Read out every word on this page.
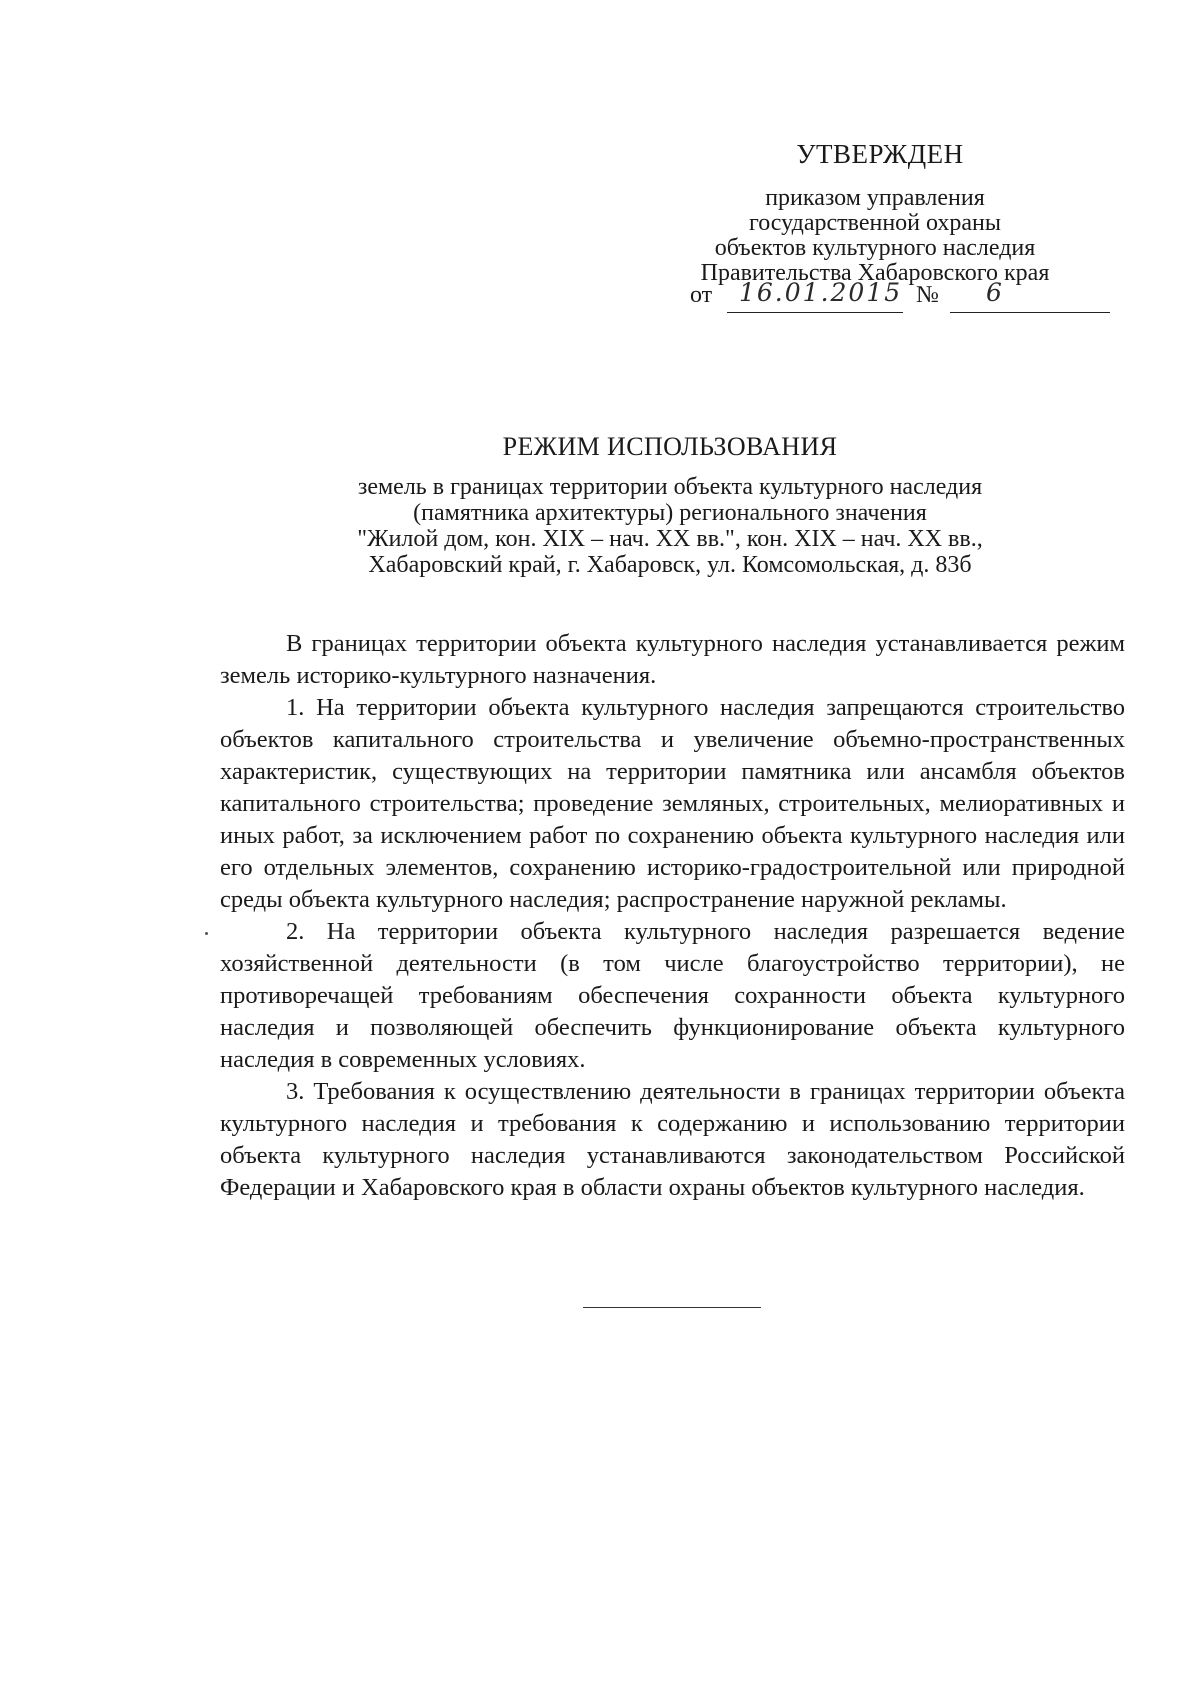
УТВЕРЖДЕН
приказом управления
государственной охраны
объектов культурного наследия
Правительства Хабаровского края
от 16.01.2015 № 6
РЕЖИМ ИСПОЛЬЗОВАНИЯ
земель в границах территории объекта культурного наследия
(памятника архитектуры) регионального значения
"Жилой дом, кон. XIX – нач. XX вв.", кон. XIX – нач. XX вв.,
Хабаровский край, г. Хабаровск, ул. Комсомольская, д. 83б

В границах территории объекта культурного наследия устанавливается режим земель историко-культурного назначения.

1. На территории объекта культурного наследия запрещаются строительство объектов капитального строительства и увеличение объемно-пространственных характеристик, существующих на территории памятника или ансамбля объектов капитального строительства; проведение земляных, строительных, мелиоративных и иных работ, за исключением работ по сохранению объекта культурного наследия или его отдельных элементов, сохранению историко-градостроительной или природной среды объекта культурного наследия; распространение наружной рекламы.

2. На территории объекта культурного наследия разрешается ведение хозяйственной деятельности (в том числе благоустройство территории), не противоречащей требованиям обеспечения сохранности объекта культурного наследия и позволяющей обеспечить функционирование объекта культурного наследия в современных условиях.

3. Требования к осуществлению деятельности в границах территории объекта культурного наследия и требования к содержанию и использованию территории объекта культурного наследия устанавливаются законодательством Российской Федерации и Хабаровского края в области охраны объектов культурного наследия.
